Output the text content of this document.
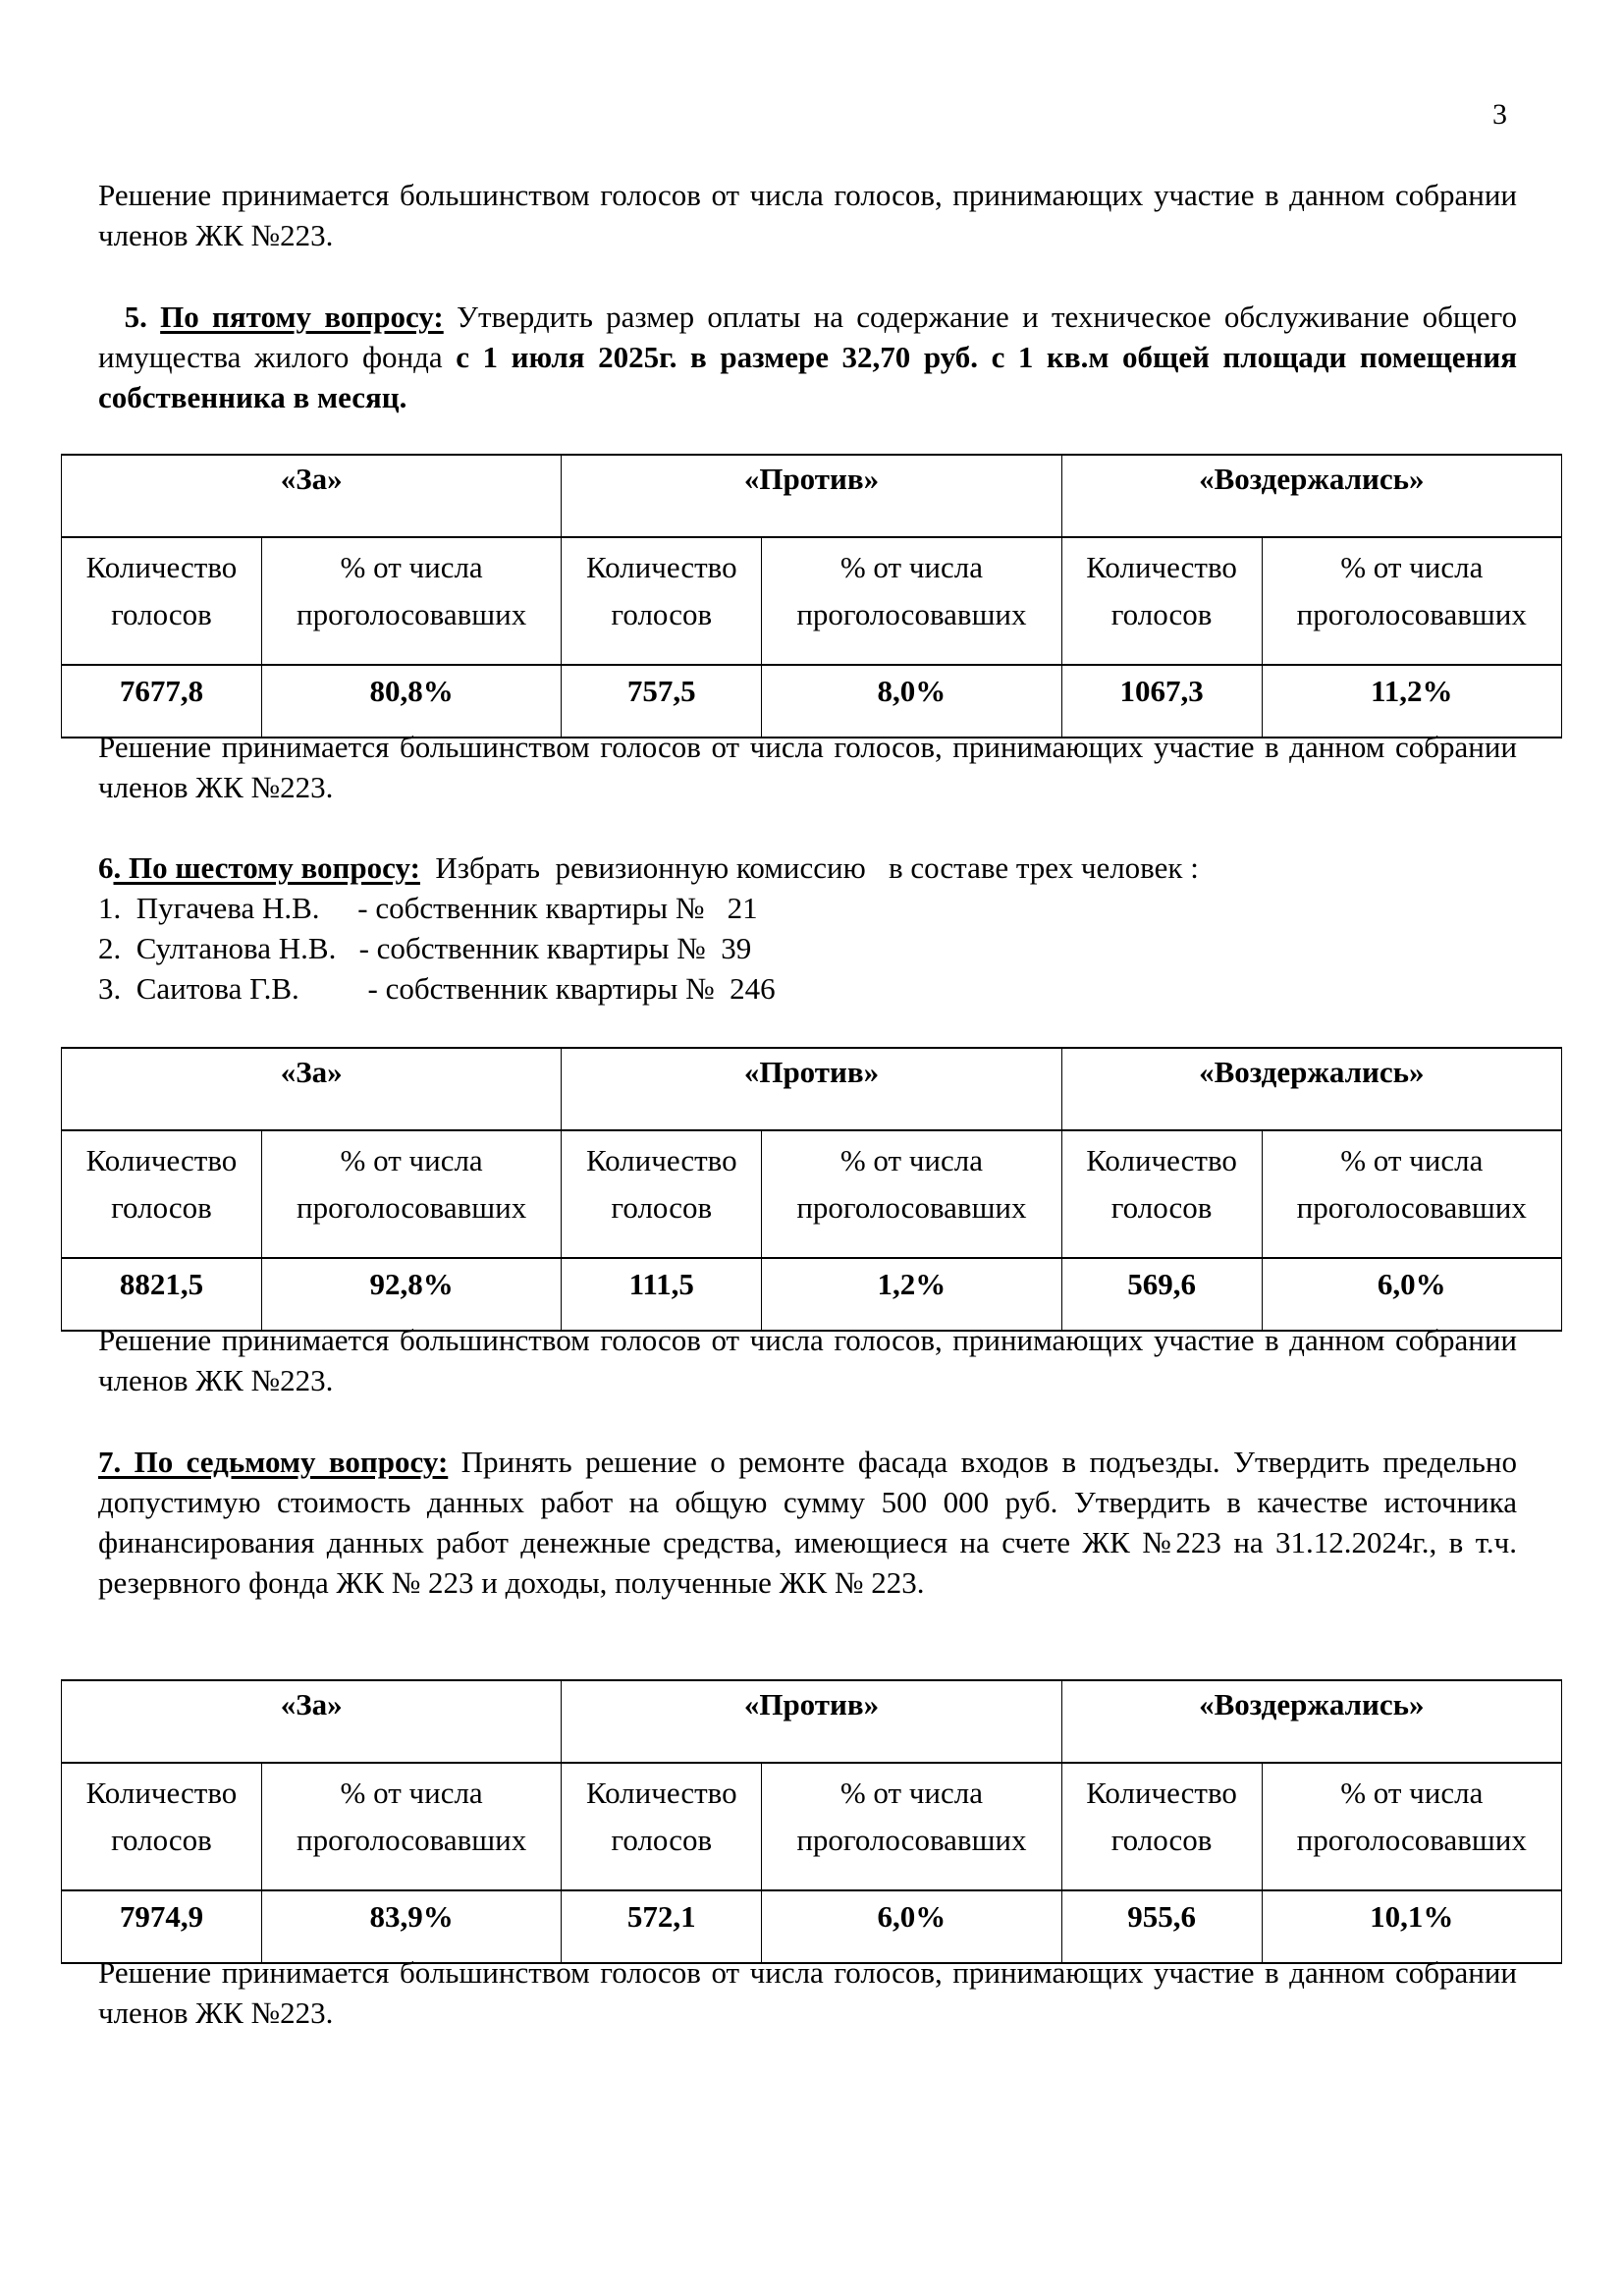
3
Решение принимается большинством голосов от числа голосов, принимающих участие в данном собрании членов ЖК №223.
5. По пятому вопросу: Утвердить размер оплаты на содержание и техническое обслуживание общего имущества жилого фонда с 1 июля 2025г. в размере 32,70 руб. с 1 кв.м общей площади помещения собственника в месяц.
«За»		«Против»		«Воздержались»	
Количество голосов	% от числа проголосовавших	Количество голосов	% от числа проголосовавших	Количество голосов	% от числа проголосовавших
7677,8	80,8%	757,5	8,0%	1067,3	11,2%
Решение принимается большинством голосов от числа голосов, принимающих участие в данном собрании членов ЖК №223.
6. По шестому вопросу:  Избрать  ревизионную комиссию   в составе трех человек :
1.  Пугачева Н.В.     - собственник квартиры №   21
2.  Султанова Н.В.   - собственник квартиры №  39
3.  Саитова Г.В.         - собственник квартиры №  246
«За»		«Против»		«Воздержались»	
Количество голосов	% от числа проголосовавших	Количество голосов	% от числа проголосовавших	Количество голосов	% от числа проголосовавших
8821,5	92,8%	111,5	1,2%	569,6	6,0%
Решение принимается большинством голосов от числа голосов, принимающих участие в данном собрании членов ЖК №223.
7. По седьмому вопросу: Принять решение о ремонте фасада входов в подъезды. Утвердить предельно допустимую стоимость данных работ на общую сумму 500 000 руб. Утвердить в качестве источника финансирования данных работ денежные средства, имеющиеся на счете ЖК №223 на 31.12.2024г., в т.ч. резервного фонда ЖК № 223 и доходы, полученные ЖК № 223.
«За»		«Против»		«Воздержались»	
Количество голосов	% от числа проголосовавших	Количество голосов	% от числа проголосовавших	Количество голосов	% от числа проголосовавших
7974,9	83,9%	572,1	6,0%	955,6	10,1%
Решение принимается большинством голосов от числа голосов, принимающих участие в данном собрании членов ЖК №223.
